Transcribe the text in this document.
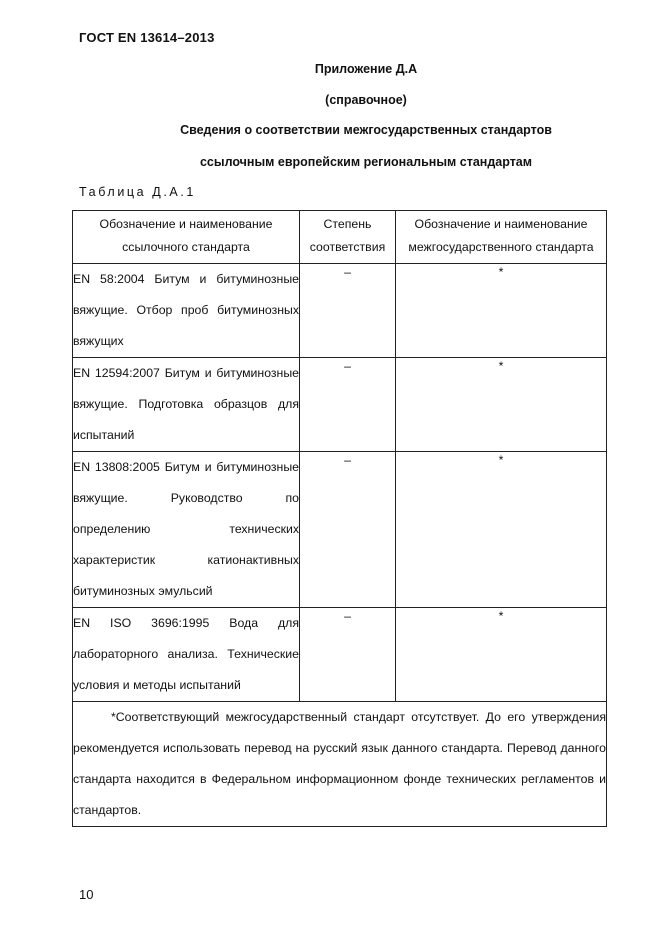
ГОСТ EN 13614–2013
Приложение Д.А
(справочное)
Сведения о соответствии межгосударственных стандартов
ссылочным европейским региональным стандартам
Таблица Д.А.1
Обозначение и наименование ссылочного стандарта	Степень соответствия	Обозначение и наименование межгосударственного стандарта
EN 58:2004 Битум и битуминозные вяжущие. Отбор проб битуминозных вяжущих	–	*
EN 12594:2007 Битум и битуминозные вяжущие. Подготовка образцов для испытаний	–	*
EN 13808:2005 Битум и битуминозные вяжущие. Руководство по определению технических характеристик катионактивных битуминозных эмульсий	–	*
EN ISO 3696:1995 Вода для лабораторного анализа. Технические условия и методы испытаний	–	*
*Соответствующий межгосударственный стандарт отсутствует. До его утверждения рекомендуется использовать перевод на русский язык данного стандарта. Перевод данного стандарта находится в Федеральном информационном фонде технических регламентов и стандартов.		
10
